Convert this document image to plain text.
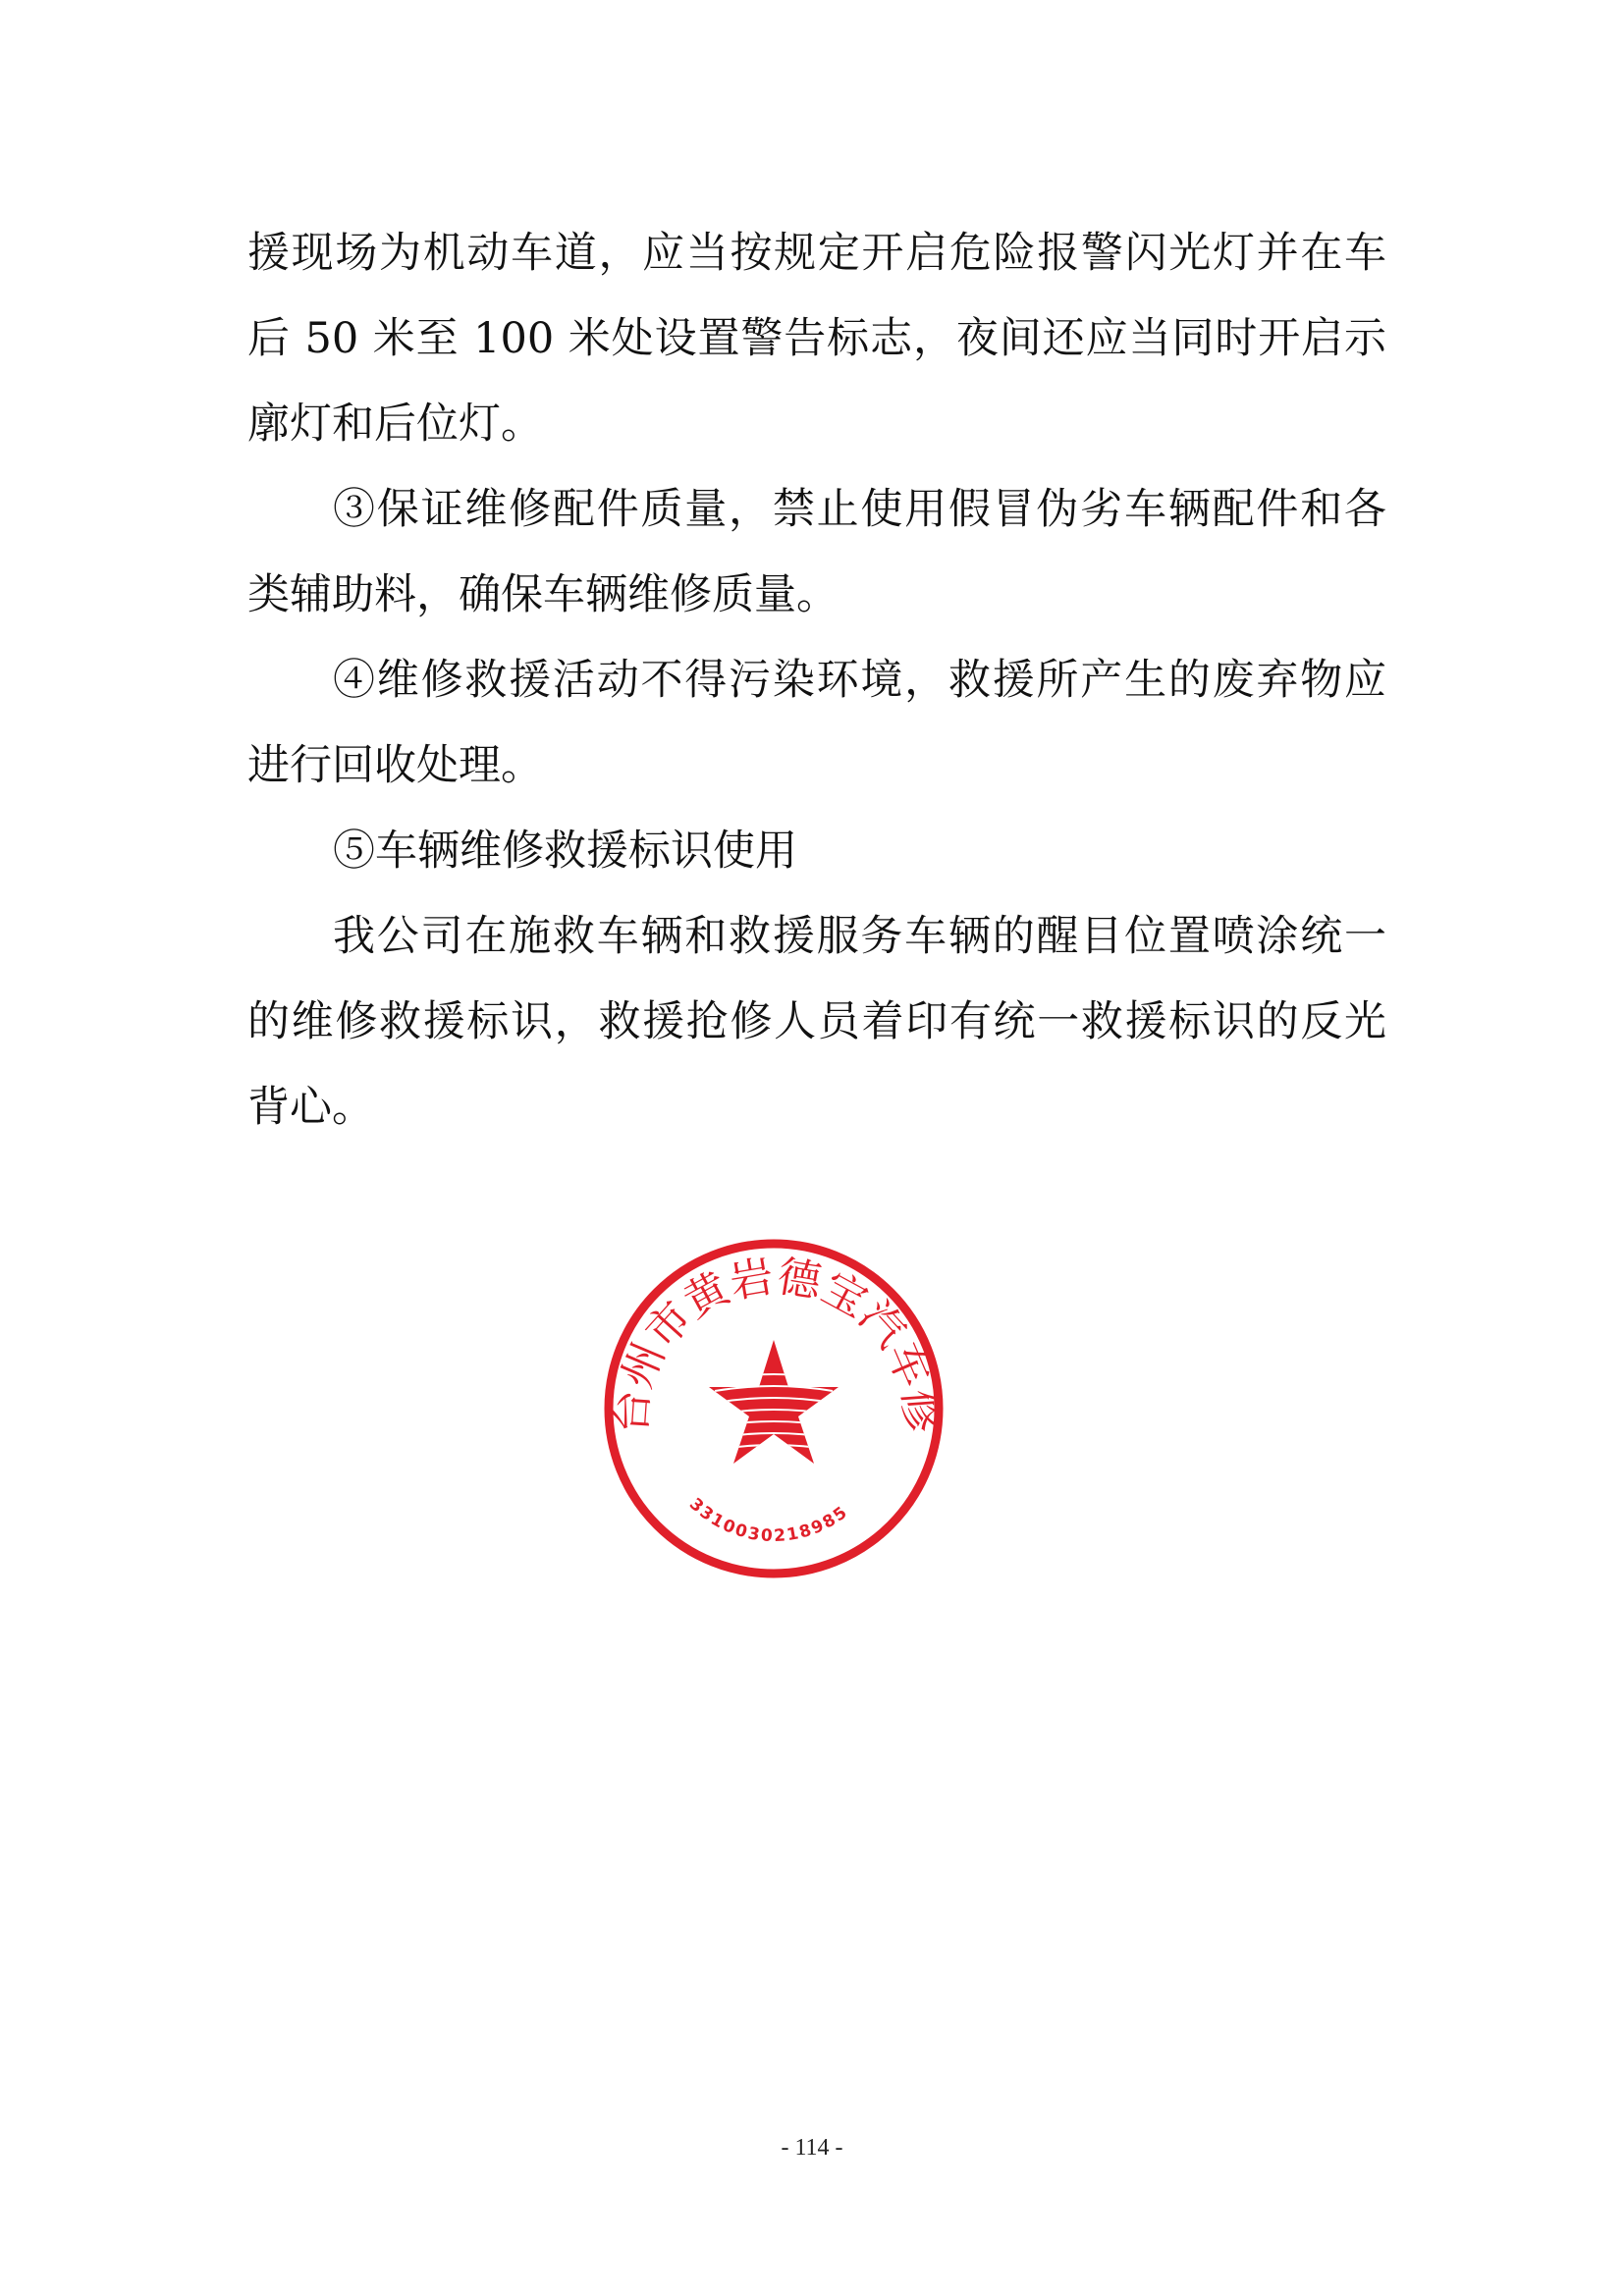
援现场为机动车道，应当按规定开启危险报警闪光灯并在车后 50 米至 100 米处设置警告标志，夜间还应当同时开启示廓灯和后位灯。

③保证维修配件质量，禁止使用假冒伪劣车辆配件和各类辅助料，确保车辆维修质量。

④维修救援活动不得污染环境，救援所产生的废弃物应进行回收处理。

⑤车辆维修救援标识使用

我公司在施救车辆和救援服务车辆的醒目位置喷涂统一的维修救援标识，救援抢修人员着印有统一救援标识的反光背心。

台州市黄岩德宝汽车修
3310030218985
- 114 -
